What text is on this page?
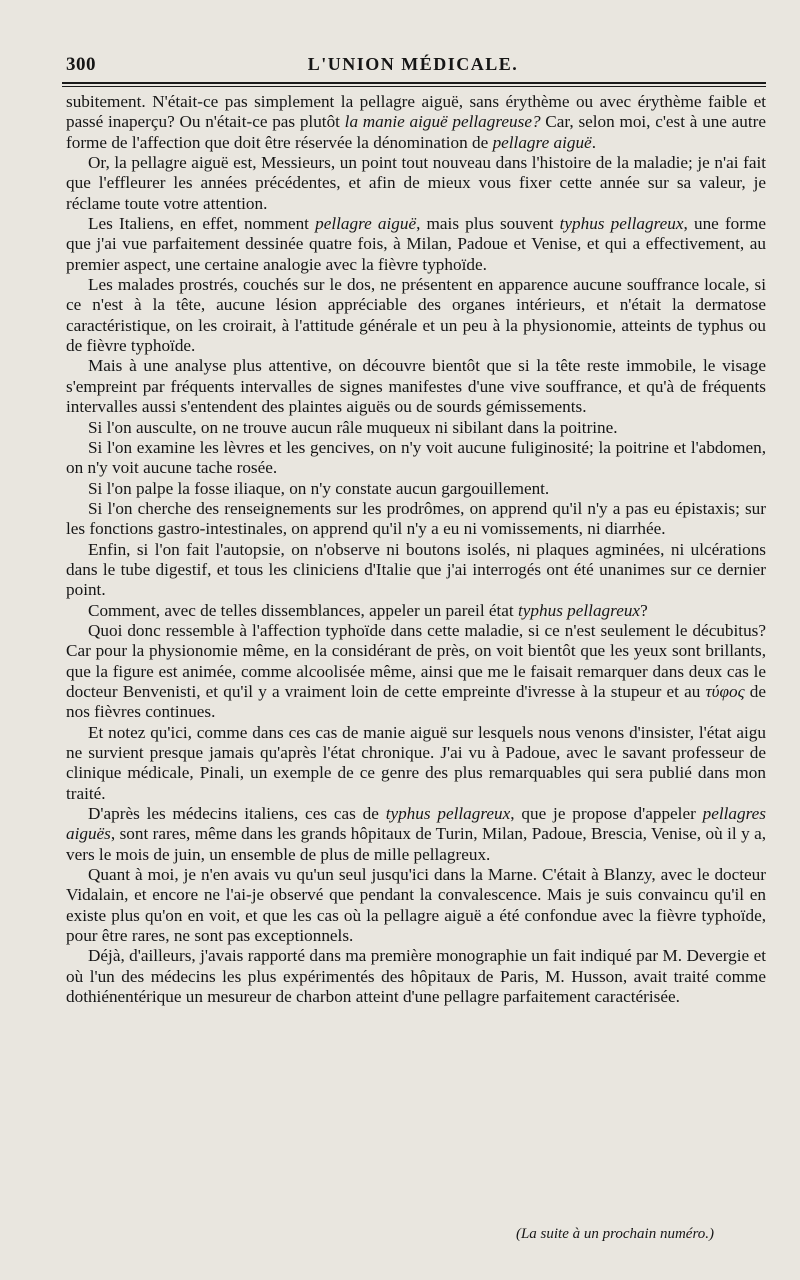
300	L'UNION MÉDICALE.

subitement. N'était-ce pas simplement la pellagre aiguë, sans érythème ou avec érythème faible et passé inaperçu? Ou n'était-ce pas plutôt la manie aiguë pellagreuse? Car, selon moi, c'est à une autre forme de l'affection que doit être réservée la dénomination de pellagre aiguë.

Or, la pellagre aiguë est, Messieurs, un point tout nouveau dans l'histoire de la maladie; je n'ai fait que l'effleurer les années précédentes, et afin de mieux vous fixer cette année sur sa valeur, je réclame toute votre attention.

Les Italiens, en effet, nomment pellagre aiguë, mais plus souvent typhus pellagreux, une forme que j'ai vue parfaitement dessinée quatre fois, à Milan, Padoue et Venise, et qui a effectivement, au premier aspect, une certaine analogie avec la fièvre typhoïde.

Les malades prostrés, couchés sur le dos, ne présentent en apparence aucune souffrance locale, si ce n'est à la tête, aucune lésion appréciable des organes intérieurs, et n'était la dermatose caractéristique, on les croirait, à l'attitude générale et un peu à la physionomie, atteints de typhus ou de fièvre typhoïde.

Mais à une analyse plus attentive, on découvre bientôt que si la tête reste immobile, le visage s'empreint par fréquents intervalles de signes manifestes d'une vive souffrance, et qu'à de fréquents intervalles aussi s'entendent des plaintes aiguës ou de sourds gémissements.

Si l'on ausculte, on ne trouve aucun râle muqueux ni sibilant dans la poitrine.

Si l'on examine les lèvres et les gencives, on n'y voit aucune fuliginosité; la poitrine et l'abdomen, on n'y voit aucune tache rosée.

Si l'on palpe la fosse iliaque, on n'y constate aucun gargouillement.

Si l'on cherche des renseignements sur les prodrômes, on apprend qu'il n'y a pas eu épistaxis; sur les fonctions gastro-intestinales, on apprend qu'il n'y a eu ni vomissements, ni diarrhée.

Enfin, si l'on fait l'autopsie, on n'observe ni boutons isolés, ni plaques agminées, ni ulcérations dans le tube digestif, et tous les cliniciens d'Italie que j'ai interrogés ont été unanimes sur ce dernier point.

Comment, avec de telles dissemblances, appeler un pareil état typhus pellagreux?

Quoi donc ressemble à l'affection typhoïde dans cette maladie, si ce n'est seulement le décubitus? Car pour la physionomie même, en la considérant de près, on voit bientôt que les yeux sont brillants, que la figure est animée, comme alcoolisée même, ainsi que me le faisait remarquer dans deux cas le docteur Benvenisti, et qu'il y a vraiment loin de cette empreinte d'ivresse à la stupeur et au τύφος de nos fièvres continues.

Et notez qu'ici, comme dans ces cas de manie aiguë sur lesquels nous venons d'insister, l'état aigu ne survient presque jamais qu'après l'état chronique. J'ai vu à Padoue, avec le savant professeur de clinique médicale, Pinali, un exemple de ce genre des plus remarquables qui sera publié dans mon traité.

D'après les médecins italiens, ces cas de typhus pellagreux, que je propose d'appeler pellagres aiguës, sont rares, même dans les grands hôpitaux de Turin, Milan, Padoue, Brescia, Venise, où il y a, vers le mois de juin, un ensemble de plus de mille pellagreux.

Quant à moi, je n'en avais vu qu'un seul jusqu'ici dans la Marne. C'était à Blanzy, avec le docteur Vidalain, et encore ne l'ai-je observé que pendant la convalescence. Mais je suis convaincu qu'il en existe plus qu'on en voit, et que les cas où la pellagre aiguë a été confondue avec la fièvre typhoïde, pour être rares, ne sont pas exceptionnels.

Déjà, d'ailleurs, j'avais rapporté dans ma première monographie un fait indiqué par M. Devergie et où l'un des médecins les plus expérimentés des hôpitaux de Paris, M. Husson, avait traité comme dothiénentérique un mesureur de charbon atteint d'une pellagre parfaitement caractérisée.

(La suite à un prochain numéro.)
